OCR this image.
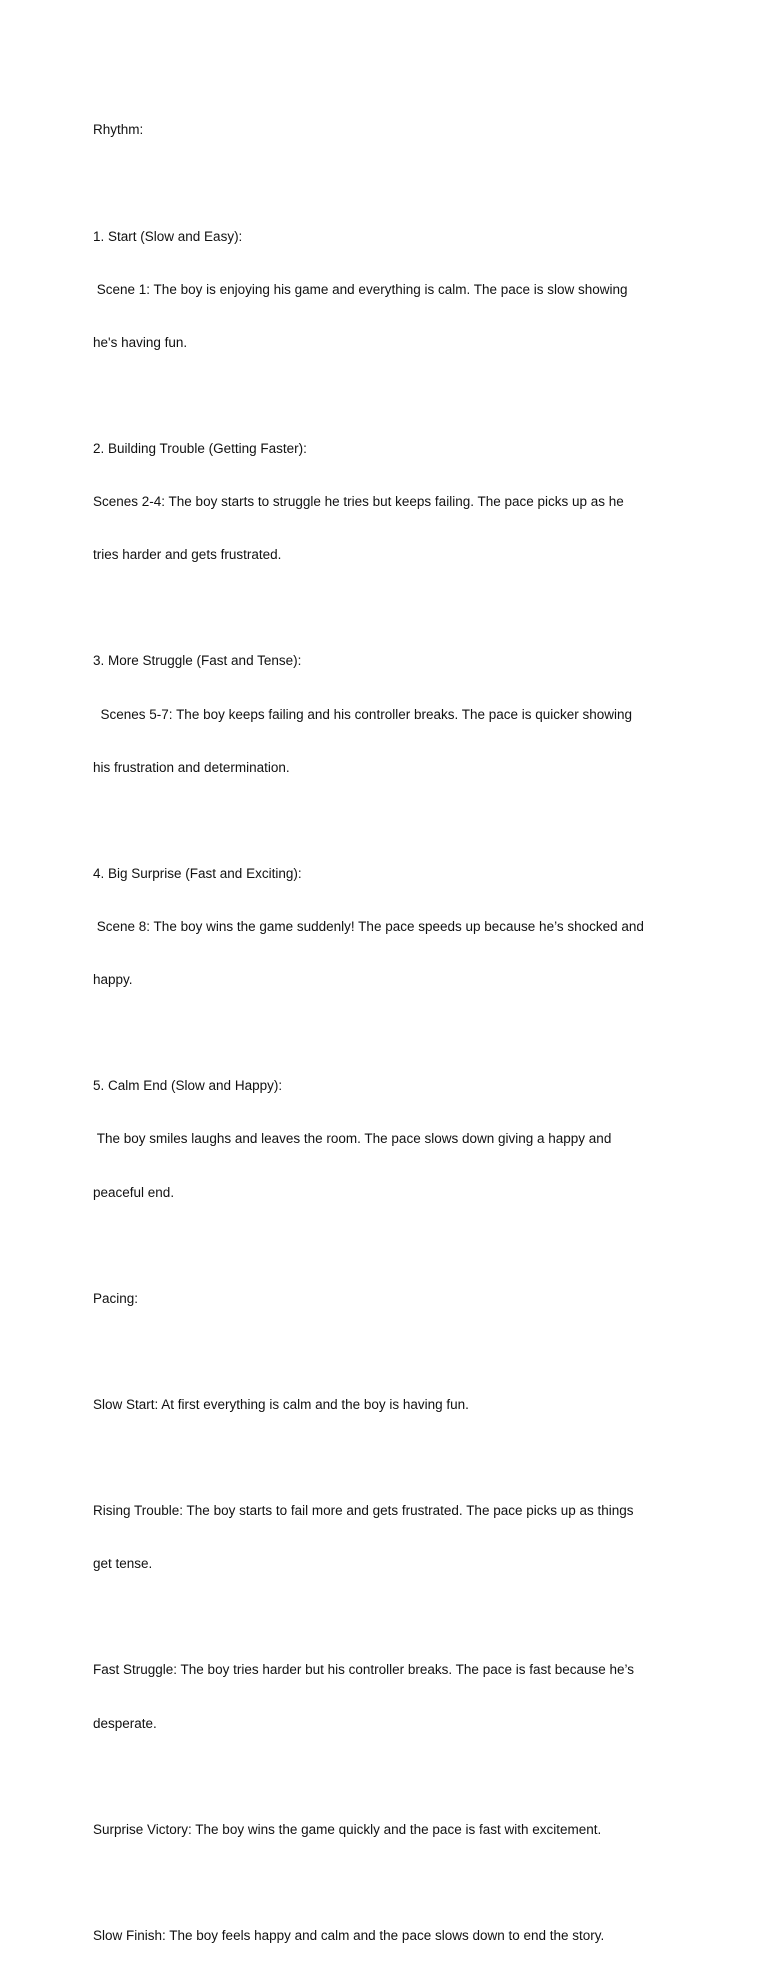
Rhythm:

1. Start (Slow and Easy):

Scene 1: The boy is enjoying his game and everything is calm. The pace is slow showing

he's having fun.

2. Building Trouble (Getting Faster):

Scenes 2-4: The boy starts to struggle he tries but keeps failing. The pace picks up as he

tries harder and gets frustrated.

3. More Struggle (Fast and Tense):

Scenes 5-7: The boy keeps failing and his controller breaks. The pace is quicker showing

his frustration and determination.

4. Big Surprise (Fast and Exciting):

Scene 8: The boy wins the game suddenly! The pace speeds up because he’s shocked and

happy.

5. Calm End (Slow and Happy):

The boy smiles laughs and leaves the room. The pace slows down giving a happy and

peaceful end.

Pacing:

Slow Start: At first everything is calm and the boy is having fun.

Rising Trouble: The boy starts to fail more and gets frustrated. The pace picks up as things

get tense.

Fast Struggle: The boy tries harder but his controller breaks. The pace is fast because he’s

desperate.

Surprise Victory: The boy wins the game quickly and the pace is fast with excitement.

Slow Finish: The boy feels happy and calm and the pace slows down to end the story.
